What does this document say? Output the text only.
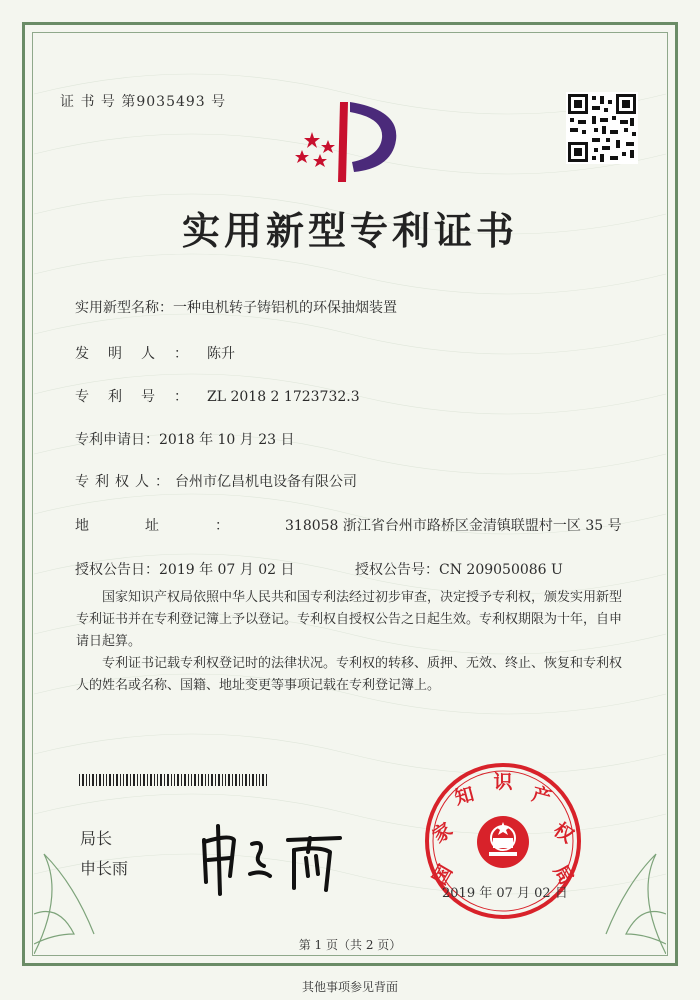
证 书 号 第9035493 号
实用新型专利证书
实用新型名称：一种电机转子铸铝机的环保抽烟装置
发明人：陈升
专利号：ZL 2018 2 1723732.3
专利申请日：2018 年 10 月 23 日
专利权人：台州市亿昌机电设备有限公司
地址：318058 浙江省台州市路桥区金清镇联盟村一区 35 号
授权公告日：2019 年 07 月 02 日	授权公告号：CN 209050086 U
国家知识产权局依照中华人民共和国专利法经过初步审查，决定授予专利权，颁发实用新型专利证书并在专利登记簿上予以登记。专利权自授权公告之日起生效。专利权期限为十年，自申请日起算。
专利证书记载专利权登记时的法律状况。专利权的转移、质押、无效、终止、恢复和专利权人的姓名或名称、国籍、地址变更等事项记载在专利登记簿上。
局长
申长雨	国
家
知
识
产
权
局
2019 年 07 月 02 日
第 1 页（共 2 页）
其他事项参见背面
